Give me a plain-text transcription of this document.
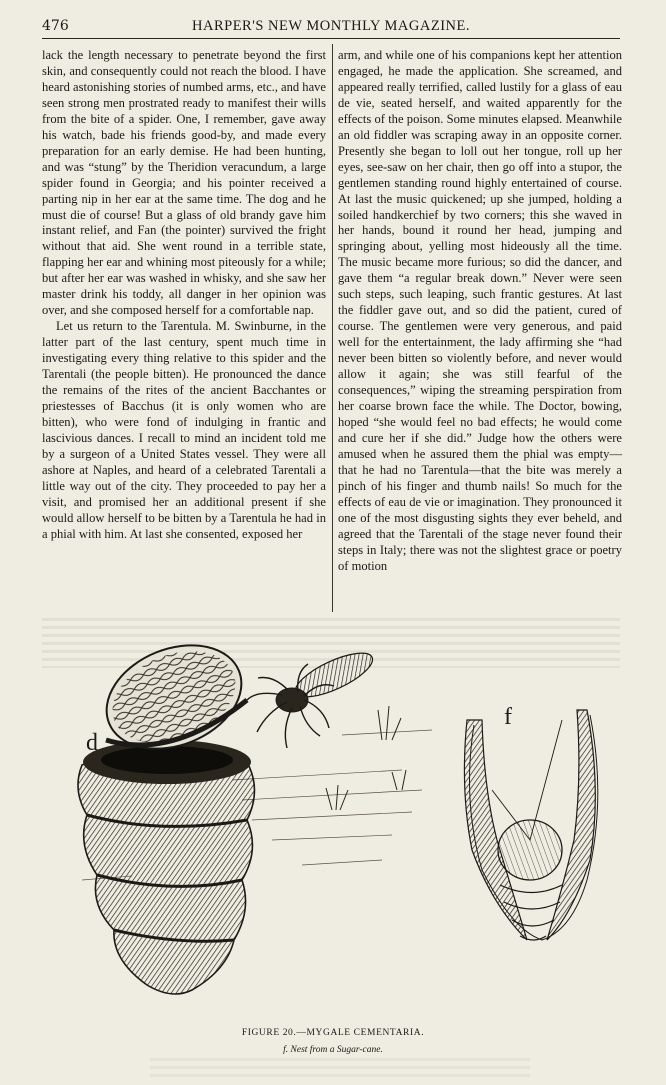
476	HARPER'S NEW MONTHLY MAGAZINE.

lack the length necessary to penetrate beyond the first skin, and consequently could not reach the blood. I have heard astonishing stories of numbed arms, etc., and have seen strong men prostrated ready to manifest their wills from the bite of a spider. One, I remember, gave away his watch, bade his friends good-by, and made every preparation for an early demise. He had been hunting, and was “stung” by the Theridion veracundum, a large spider found in Georgia; and his pointer received a parting nip in her ear at the same time. The dog and he must die of course! But a glass of old brandy gave him instant relief, and Fan (the pointer) survived the fright without that aid. She went round in a terrible state, flapping her ear and whining most piteously for a while; but after her ear was washed in whisky, and she saw her master drink his toddy, all danger in her opinion was over, and she composed herself for a comfortable nap.

Let us return to the Tarentula. M. Swinburne, in the latter part of the last century, spent much time in investigating every thing relative to this spider and the Tarentali (the people bitten). He pronounced the dance the remains of the rites of the ancient Bacchantes or priestesses of Bacchus (it is only women who are bitten), who were fond of indulging in frantic and lascivious dances. I recall to mind an incident told me by a surgeon of a United States vessel. They were all ashore at Naples, and heard of a celebrated Tarentali a little way out of the city. They proceeded to pay her a visit, and promised her an additional present if she would allow herself to be bitten by a Tarentula he had in a phial with him. At last she consented, exposed her

arm, and while one of his companions kept her attention engaged, he made the application. She screamed, and appeared really terrified, called lustily for a glass of eau de vie, seated herself, and waited apparently for the effects of the poison. Some minutes elapsed. Meanwhile an old fiddler was scraping away in an opposite corner. Presently she began to loll out her tongue, roll up her eyes, see-saw on her chair, then go off into a stupor, the gentlemen standing round highly entertained of course. At last the music quickened; up she jumped, holding a soiled handkerchief by two corners; this she waved in her hands, bound it round her head, jumping and springing about, yelling most hideously all the time. The music became more furious; so did the dancer, and gave them “a regular break down.” Never were seen such steps, such leaping, such frantic gestures. At last the fiddler gave out, and so did the patient, cured of course. The gentlemen were very generous, and paid well for the entertainment, the lady affirming she “had never been bitten so violently before, and never would allow it again; she was still fearful of the consequences,” wiping the streaming perspiration from her coarse brown face the while. The Doctor, bowing, hoped “she would feel no bad effects; he would come and cure her if she did.” Judge how the others were amused when he assured them the phial was empty—that he had no Tarentula—that the bite was merely a pinch of his finger and thumb nails! So much for the effects of eau de vie or imagination. They pronounced it one of the most disgusting sights they ever beheld, and agreed that the Tarentali of the stage never found their steps in Italy; there was not the slightest grace or poetry of motion

d
f
FIGURE 20.—MYGALE CEMENTARIA.
f. Nest from a Sugar-cane.
